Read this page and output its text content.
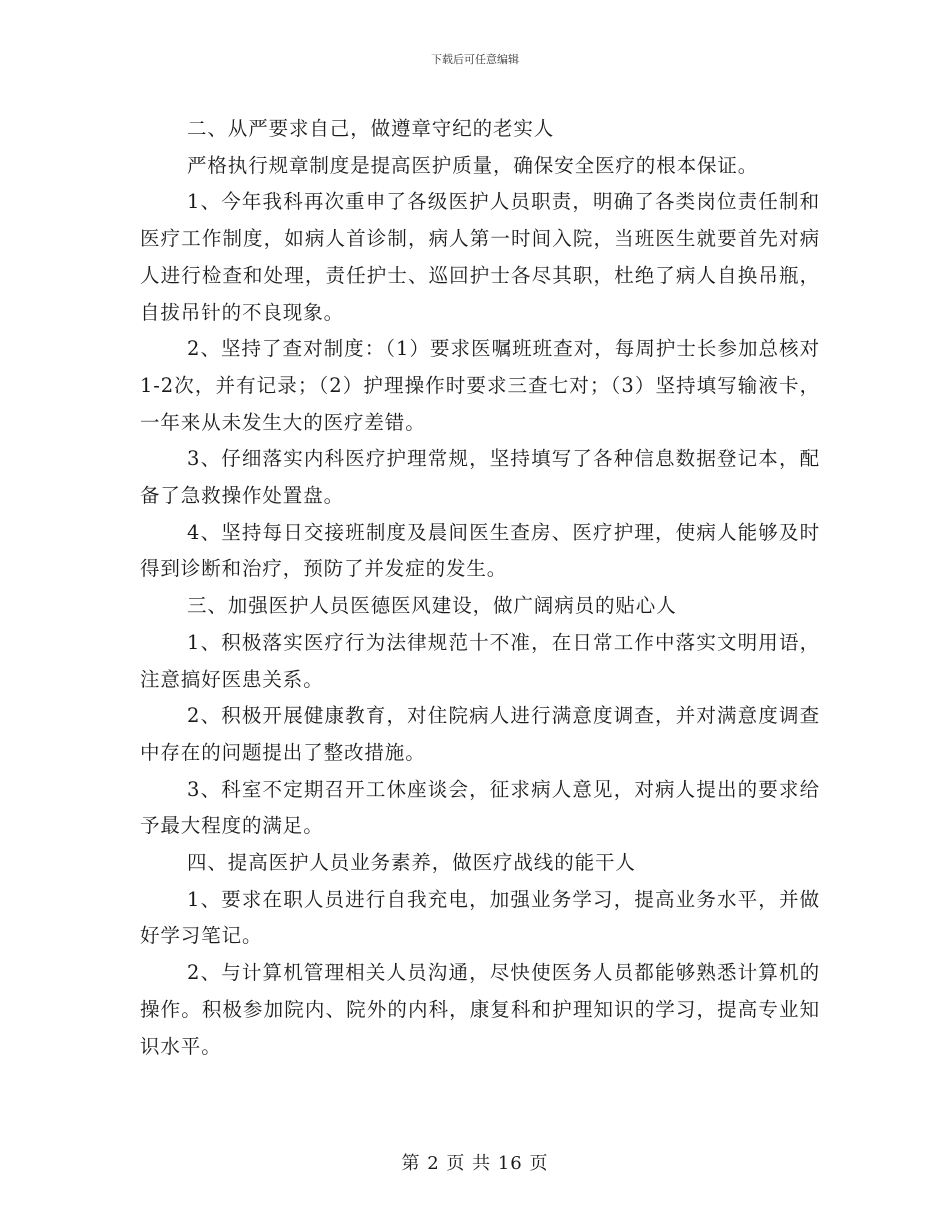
下载后可任意编辑

二、从严要求自己，做遵章守纪的老实人

严格执行规章制度是提高医护质量，确保安全医疗的根本保证。

1、今年我科再次重申了各级医护人员职责，明确了各类岗位责任制和医疗工作制度，如病人首诊制，病人第一时间入院，当班医生就要首先对病人进行检查和处理，责任护士、巡回护士各尽其职，杜绝了病人自换吊瓶，自拔吊针的不良现象。

2、坚持了查对制度：（1）要求医嘱班班查对，每周护士长参加总核对1-2次，并有记录；（2）护理操作时要求三查七对；（3）坚持填写输液卡，一年来从未发生大的医疗差错。

3、仔细落实内科医疗护理常规，坚持填写了各种信息数据登记本，配备了急救操作处置盘。

4、坚持每日交接班制度及晨间医生查房、医疗护理，使病人能够及时得到诊断和治疗，预防了并发症的发生。

三、加强医护人员医德医风建设，做广阔病员的贴心人

1、积极落实医疗行为法律规范十不准，在日常工作中落实文明用语，注意搞好医患关系。

2、积极开展健康教育，对住院病人进行满意度调查，并对满意度调查中存在的问题提出了整改措施。

3、科室不定期召开工休座谈会，征求病人意见，对病人提出的要求给予最大程度的满足。

四、提高医护人员业务素养，做医疗战线的能干人

1、要求在职人员进行自我充电，加强业务学习，提高业务水平，并做好学习笔记。

2、与计算机管理相关人员沟通，尽快使医务人员都能够熟悉计算机的操作。积极参加院内、院外的内科，康复科和护理知识的学习，提高专业知识水平。

第 2 页 共 16 页
